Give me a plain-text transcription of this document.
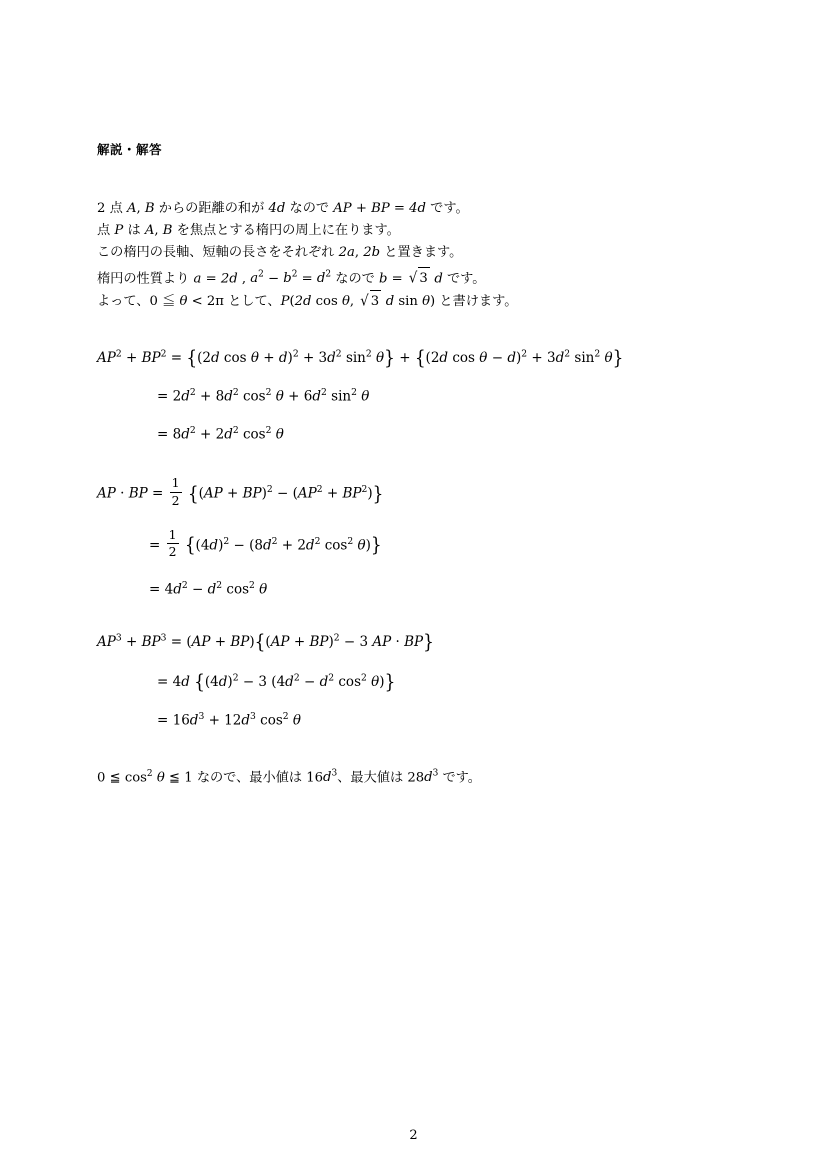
解説・解答
2 点 A, B からの距離の和が 4d なので AP + BP = 4d です。
点 P は A, B を焦点とする楕円の周上に在ります。
この楕円の長軸、短軸の長さをそれぞれ 2a, 2b と置きます。
楕円の性質より a = 2d , $a^2 - b^2 = d^2$ なので b = √ 3 d です。
よって、0 ≦ θ < 2π として、P(2d cos θ, √ 3 d sin θ) と書けます。
$AP^2 + BP^2 = \{(2d$ $\cos \theta + d)^2 + 3d^2$ $\sin^2 \theta\} + \{(2d$ $\cos \theta - d)^2 + 3d^2$ $\sin^2 \theta$}
= $2d^2 + 8d^2$ $\cos^2 \theta + 6d^2$ $\sin^2 \theta$
= $8d^2 + 2d^2$ $\cos^2 \theta$
AP · BP = $\frac{1}{2} \{(AP + BP)^2 - (AP^2 + BP^2)\}$
= $\frac{1}{2} \{(4d)^2 - (8d^2 + 2d^2$ $\cos^2 \theta$)}
= $4d^2 - d^2$ $\cos^2 \theta$
$AP^3 + BP^3 = (AP + BP)\{(AP + BP)^2 - 3$ AP · BP}
= 4d {$(4d)^2 - 3$ ($4d^2 - d^2$ $\cos^2 \theta$)}
= $16d^3 + 12d^3$ $\cos^2 \theta$
0 ≦ $\cos^2 \theta$ ≦ 1 なので、最小値は $16d^3$、最大値は $28d^3$ です。
2
